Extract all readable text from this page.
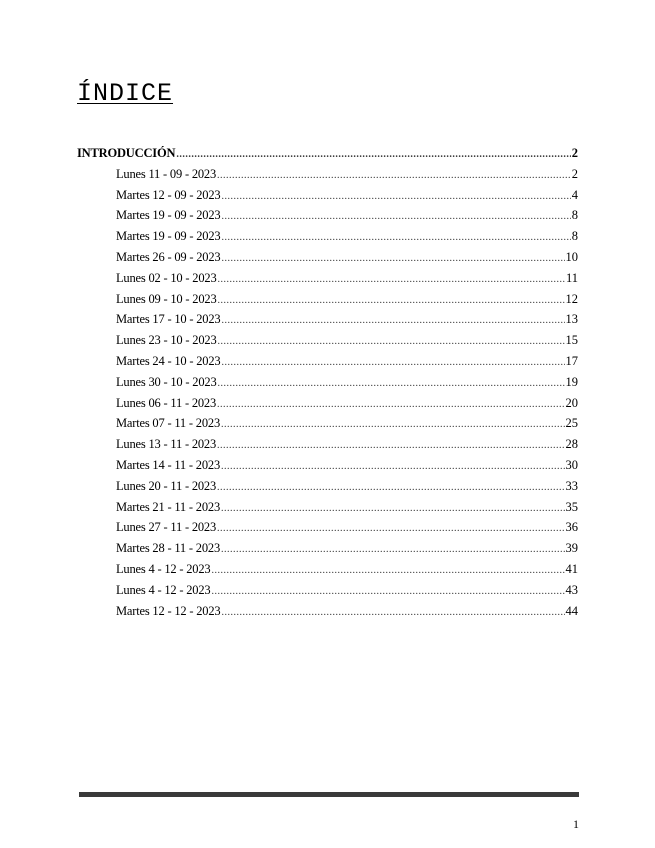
ÍNDICE
INTRODUCCIÓN .....	2
Lunes 11 - 09 - 2023 .....	2
Martes 12 - 09 - 2023 .....	4
Martes 19 - 09 - 2023 .....	8
Martes 19 - 09 - 2023 .....	8
Martes 26 - 09 - 2023 .....	10
Lunes 02 - 10 - 2023 .....	11
Lunes 09 - 10 - 2023 .....	12
Martes 17 - 10 - 2023 .....	13
Lunes 23 - 10 - 2023 .....	15
Martes 24 - 10 - 2023 .....	17
Lunes 30 - 10 - 2023 .....	19
Lunes 06 - 11 - 2023 .....	20
Martes 07 - 11 - 2023 .....	25
Lunes 13 - 11 - 2023 .....	28
Martes 14 - 11 - 2023 .....	30
Lunes 20 - 11 - 2023 .....	33
Martes 21 - 11 - 2023 .....	35
Lunes 27 - 11 - 2023 .....	36
Martes 28 - 11 - 2023 .....	39
Lunes 4 - 12 - 2023 .....	41
Lunes 4 - 12 - 2023 .....	43
Martes 12 - 12 - 2023 .....	44
1
